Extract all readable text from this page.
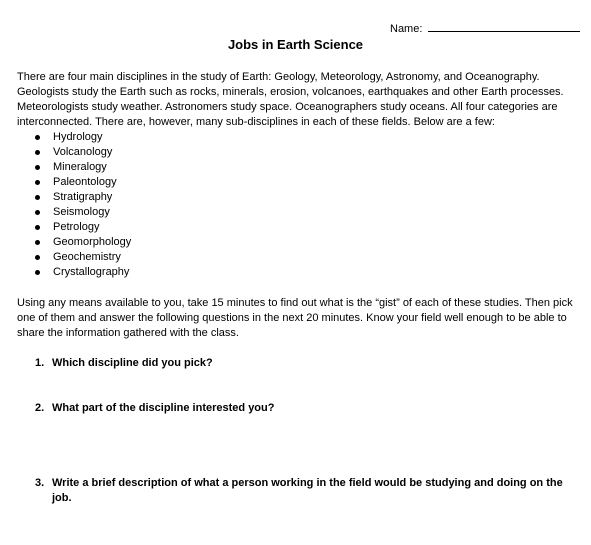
Name:
Jobs in Earth Science

There are four main disciplines in the study of Earth: Geology, Meteorology, Astronomy, and Oceanography. Geologists study the Earth such as rocks, minerals, erosion, volcanoes, earthquakes and other Earth processes. Meteorologists study weather. Astronomers study space. Oceanographers study oceans. All four categories are interconnected. There are, however, many sub-disciplines in each of these fields. Below are a few:

Hydrology
Volcanology
Mineralogy
Paleontology
Stratigraphy
Seismology
Petrology
Geomorphology
Geochemistry
Crystallography

Using any means available to you, take 15 minutes to find out what is the “gist” of each of these studies. Then pick one of them and answer the following questions in the next 20 minutes. Know your field well enough to be able to share the information gathered with the class.

1. Which discipline did you pick?
2. What part of the discipline interested you?
3. Write a brief description of what a person working in the field would be studying and doing on the job.
